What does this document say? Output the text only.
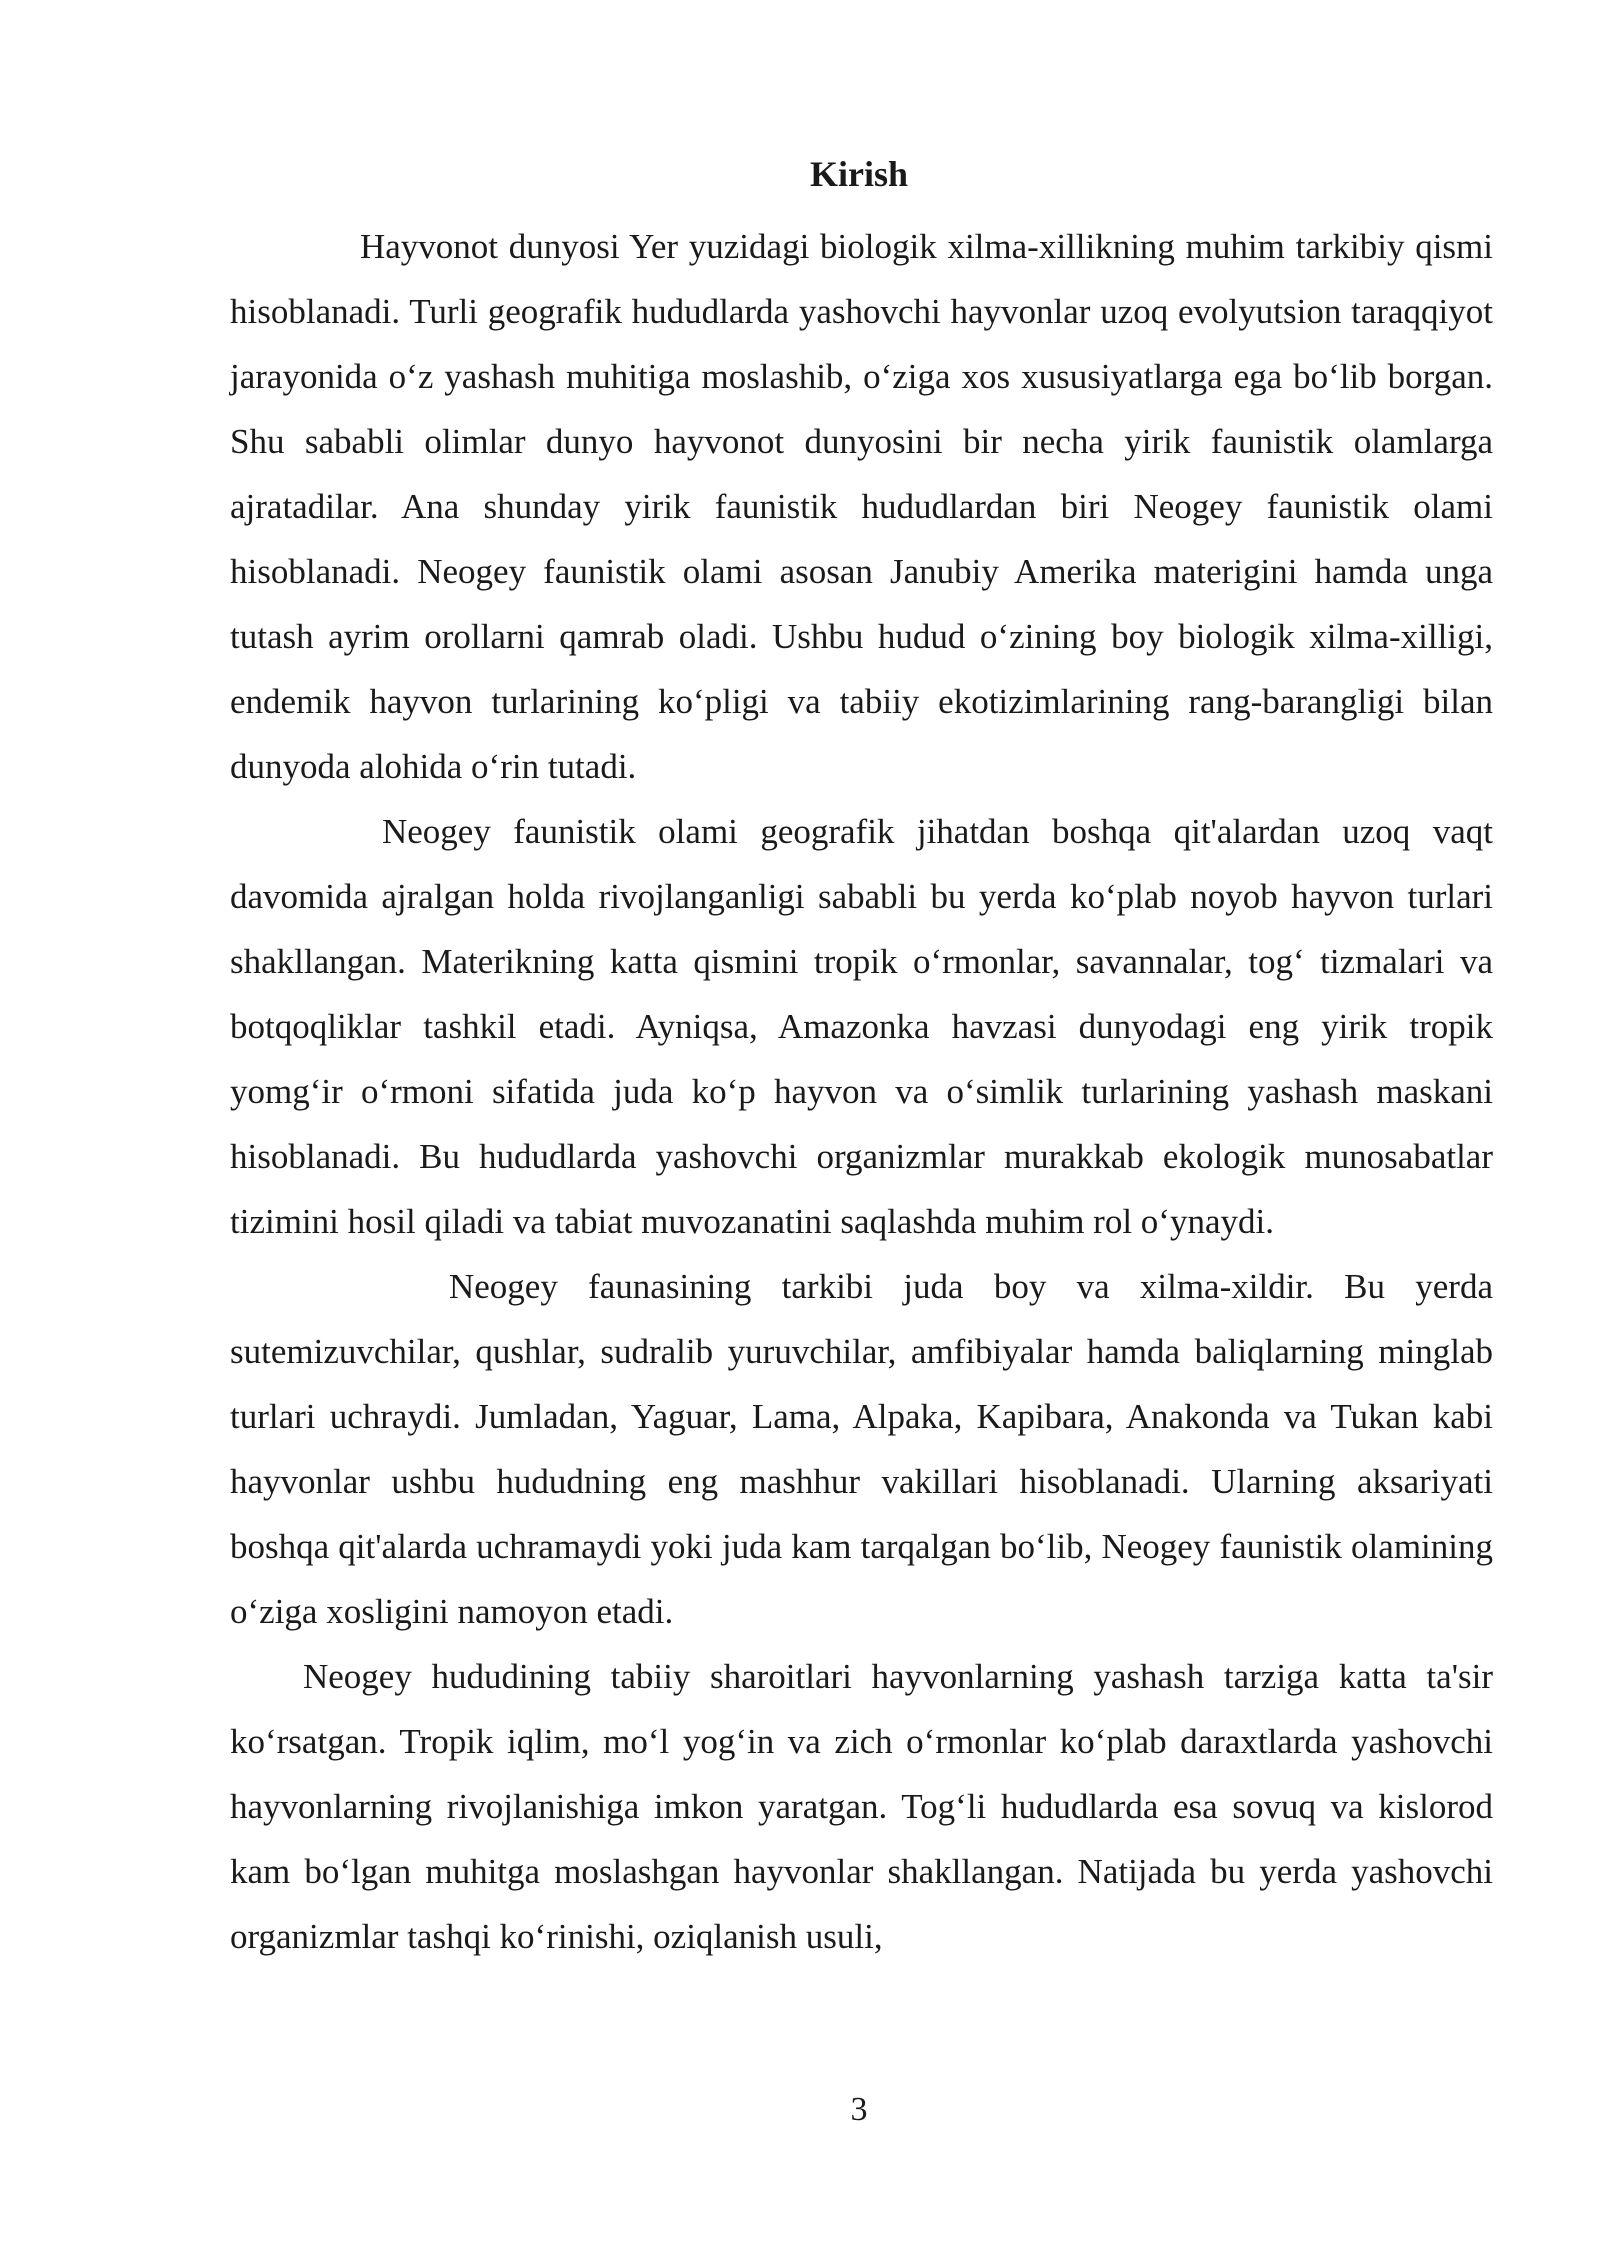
Kirish

Hayvonot dunyosi Yer yuzidagi biologik xilma-xillikning muhim tarkibiy qismi hisoblanadi. Turli geografik hududlarda yashovchi hayvonlar uzoq evolyutsion taraqqiyot jarayonida o‘z yashash muhitiga moslashib, o‘ziga xos xususiyatlarga ega bo‘lib borgan. Shu sababli olimlar dunyo hayvonot dunyosini bir necha yirik faunistik olamlarga ajratadilar. Ana shunday yirik faunistik hududlardan biri Neogey faunistik olami hisoblanadi. Neogey faunistik olami asosan Janubiy Amerika materigini hamda unga tutash ayrim orollarni qamrab oladi. Ushbu hudud o‘zining boy biologik xilma-xilligi, endemik hayvon turlarining ko‘pligi va tabiiy ekotizimlarining rang-barangligi bilan dunyoda alohida o‘rin tutadi.

Neogey faunistik olami geografik jihatdan boshqa qit'alardan uzoq vaqt davomida ajralgan holda rivojlanganligi sababli bu yerda ko‘plab noyob hayvon turlari shakllangan. Materikning katta qismini tropik o‘rmonlar, savannalar, tog‘ tizmalari va botqoqliklar tashkil etadi. Ayniqsa, Amazonka havzasi dunyodagi eng yirik tropik yomg‘ir o‘rmoni sifatida juda ko‘p hayvon va o‘simlik turlarining yashash maskani hisoblanadi. Bu hududlarda yashovchi organizmlar murakkab ekologik munosabatlar tizimini hosil qiladi va tabiat muvozanatini saqlashda muhim rol o‘ynaydi.

Neogey faunasining tarkibi juda boy va xilma-xildir. Bu yerda sutemizuvchilar, qushlar, sudralib yuruvchilar, amfibiyalar hamda baliqlarning minglab turlari uchraydi. Jumladan, Yaguar, Lama, Alpaka, Kapibara, Anakonda va Tukan kabi hayvonlar ushbu hududning eng mashhur vakillari hisoblanadi. Ularning aksariyati boshqa qit'alarda uchramaydi yoki juda kam tarqalgan bo‘lib, Neogey faunistik olamining o‘ziga xosligini namoyon etadi.

Neogey hududining tabiiy sharoitlari hayvonlarning yashash tarziga katta ta'sir ko‘rsatgan. Tropik iqlim, mo‘l yog‘in va zich o‘rmonlar ko‘plab daraxtlarda yashovchi hayvonlarning rivojlanishiga imkon yaratgan. Tog‘li hududlarda esa sovuq va kislorod kam bo‘lgan muhitga moslashgan hayvonlar shakllangan. Natijada bu yerda yashovchi organizmlar tashqi ko‘rinishi, oziqlanish usuli,

3
